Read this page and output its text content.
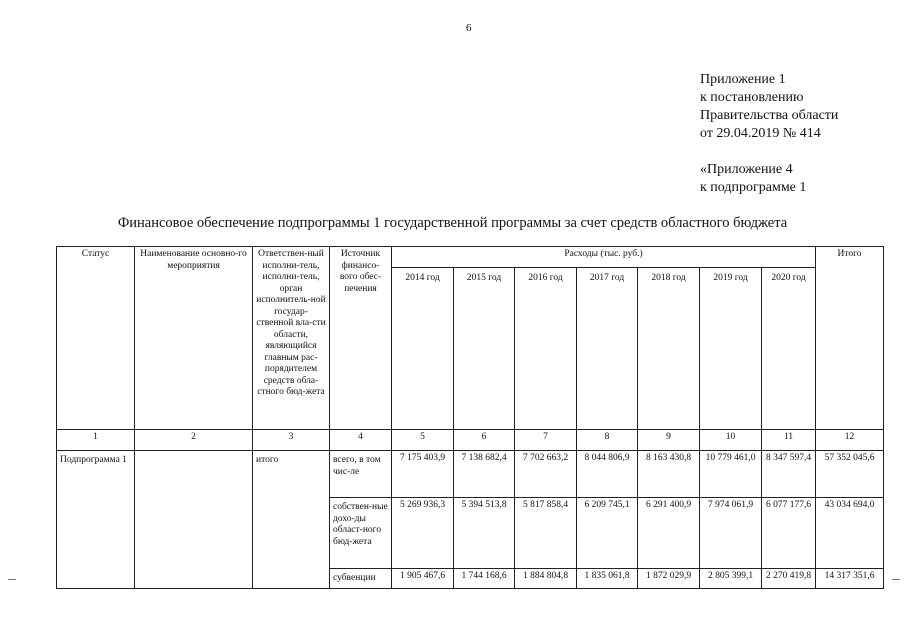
6
Приложение 1
к постановлению
Правительства области
от 29.04.2019 № 414
«Приложение 4
к подпрограмме 1
Финансовое обеспечение подпрограммы 1 государственной программы за счет средств областного бюджета
Статус	Наименование основно-го мероприятия	Ответствен-ный исполни-тель, исполни-тель, орган исполнитель-ной государ-ственной вла-сти области, являющийся главным рас-порядителем средств обла-стного бюд-жета	Источник финансо-вого обес-печения	Расходы (тыс. руб.)							Итого
				2014 год	2015 год	2016 год	2017 год	2018 год	2019 год	2020 год	
1	2	3	4	5	6	7	8	9	10	11	12
Подпрограмма 1		итого	всего, в том чис-ле	7 175 403,9	7 138 682,4	7 702 663,2	8 044 806,9	8 163 430,8	10 779 461,0	8 347 597,4	57 352 045,6
			собствен-ные дохо-ды област-ного бюд-жета	5 269 936,3	5 394 513,8	5 817 858,4	6 209 745,1	6 291 400,9	7 974 061,9	6 077 177,6	43 034 694,0
			субвенции	1 905 467,6	1 744 168,6	1 884 804,8	1 835 061,8	1 872 029,9	2 805 399,1	2 270 419,8	14 317 351,6
